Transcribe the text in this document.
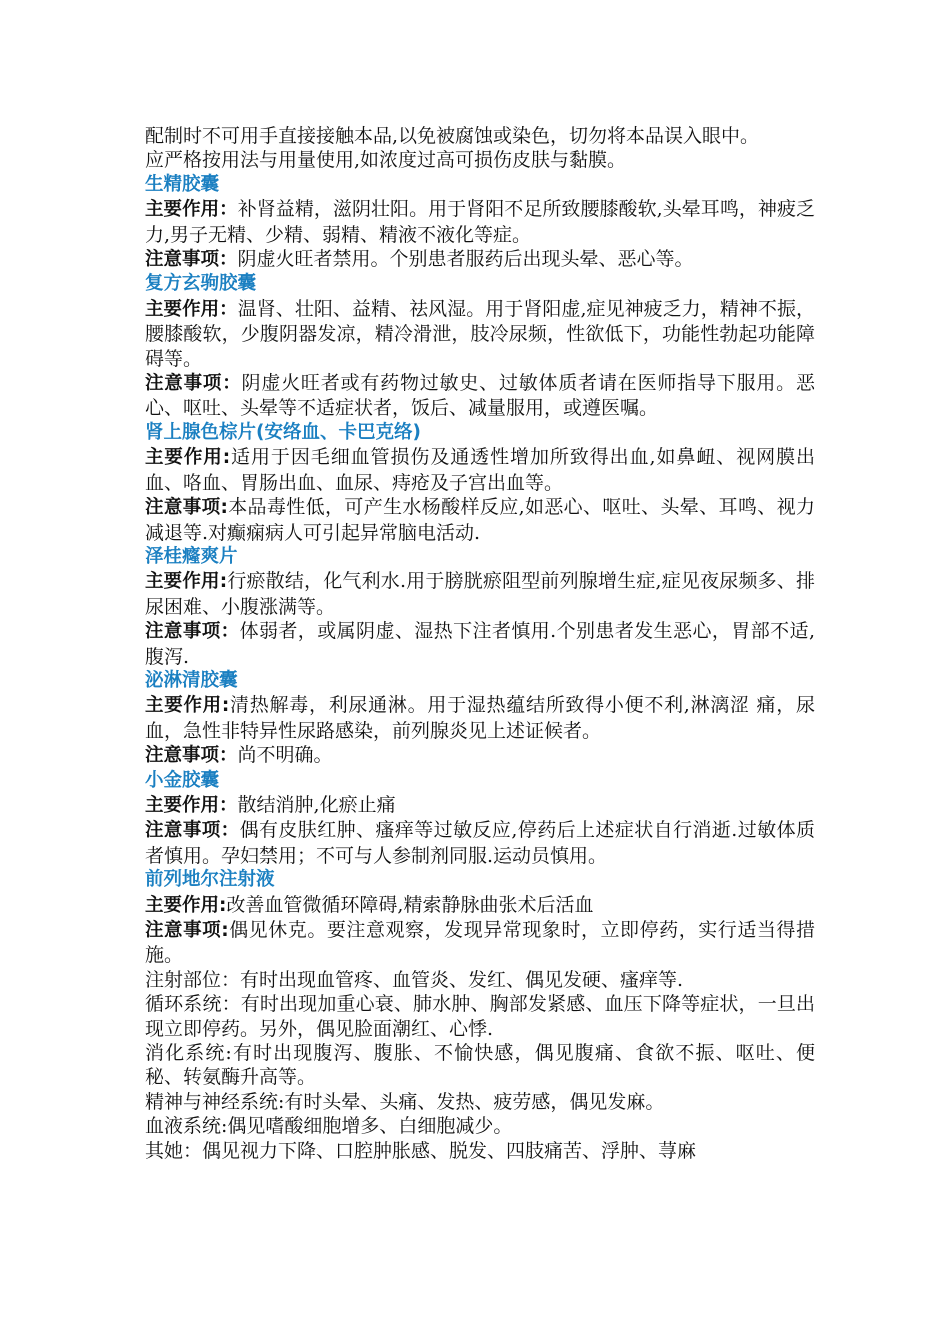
配制时不可用手直接接触本品,以免被腐蚀或染色，切勿将本品误入眼中。

应严格按用法与用量使用,如浓度过高可损伤皮肤与黏膜。

生精胶囊

主要作用：补肾益精，滋阴壮阳。用于肾阳不足所致腰膝酸软,头晕耳鸣，神疲乏力,男子无精、少精、弱精、精液不液化等症。

注意事项：阴虚火旺者禁用。个别患者服药后出现头晕、恶心等。

复方玄驹胶囊

主要作用：温肾、壮阳、益精、祛风湿。用于肾阳虚,症见神疲乏力，精神不振，腰膝酸软，少腹阴器发凉，精冷滑泄，肢冷尿频，性欲低下，功能性勃起功能障碍等。

注意事项：阴虚火旺者或有药物过敏史、过敏体质者请在医师指导下服用。恶心、呕吐、头晕等不适症状者，饭后、减量服用，或遵医嘱。

肾上腺色棕片(安络血、卡巴克络)

主要作用:适用于因毛细血管损伤及通透性增加所致得出血,如鼻衄、视网膜出血、咯血、胃肠出血、血尿、痔疮及子宫出血等。

注意事项:本品毒性低，可产生水杨酸样反应,如恶心、呕吐、头晕、耳鸣、视力减退等.对癫痫病人可引起异常脑电活动.

泽桂癃爽片

主要作用:行瘀散结，化气利水.用于膀胱瘀阻型前列腺增生症,症见夜尿频多、排尿困难、小腹涨满等。

注意事项：体弱者，或属阴虚、湿热下注者慎用.个别患者发生恶心，胃部不适,腹泻.

泌淋清胶囊

主要作用:清热解毒，利尿通淋。用于湿热蕴结所致得小便不利,淋漓涩 痛，尿血，急性非特异性尿路感染，前列腺炎见上述证候者。

注意事项：尚不明确。

小金胶囊

主要作用：散结消肿,化瘀止痛

注意事项：偶有皮肤红肿、瘙痒等过敏反应,停药后上述症状自行消逝.过敏体质者慎用。孕妇禁用；不可与人参制剂同服.运动员慎用。

前列地尔注射液

主要作用:改善血管微循环障碍,精索静脉曲张术后活血

注意事项:偶见休克。要注意观察，发现异常现象时，立即停药，实行适当得措施。

注射部位：有时出现血管疼、血管炎、发红、偶见发硬、瘙痒等.

循环系统：有时出现加重心衰、肺水肿、胸部发紧感、血压下降等症状，一旦出现立即停药。另外，偶见脸面潮红、心悸.

消化系统:有时出现腹泻、腹胀、不愉快感，偶见腹痛、食欲不振、呕吐、便秘、转氨酶升高等。

精神与神经系统:有时头晕、头痛、发热、疲劳感，偶见发麻。

血液系统:偶见嗜酸细胞增多、白细胞减少。

其她：偶见视力下降、口腔肿胀感、脱发、四肢痛苦、浮肿、荨麻
